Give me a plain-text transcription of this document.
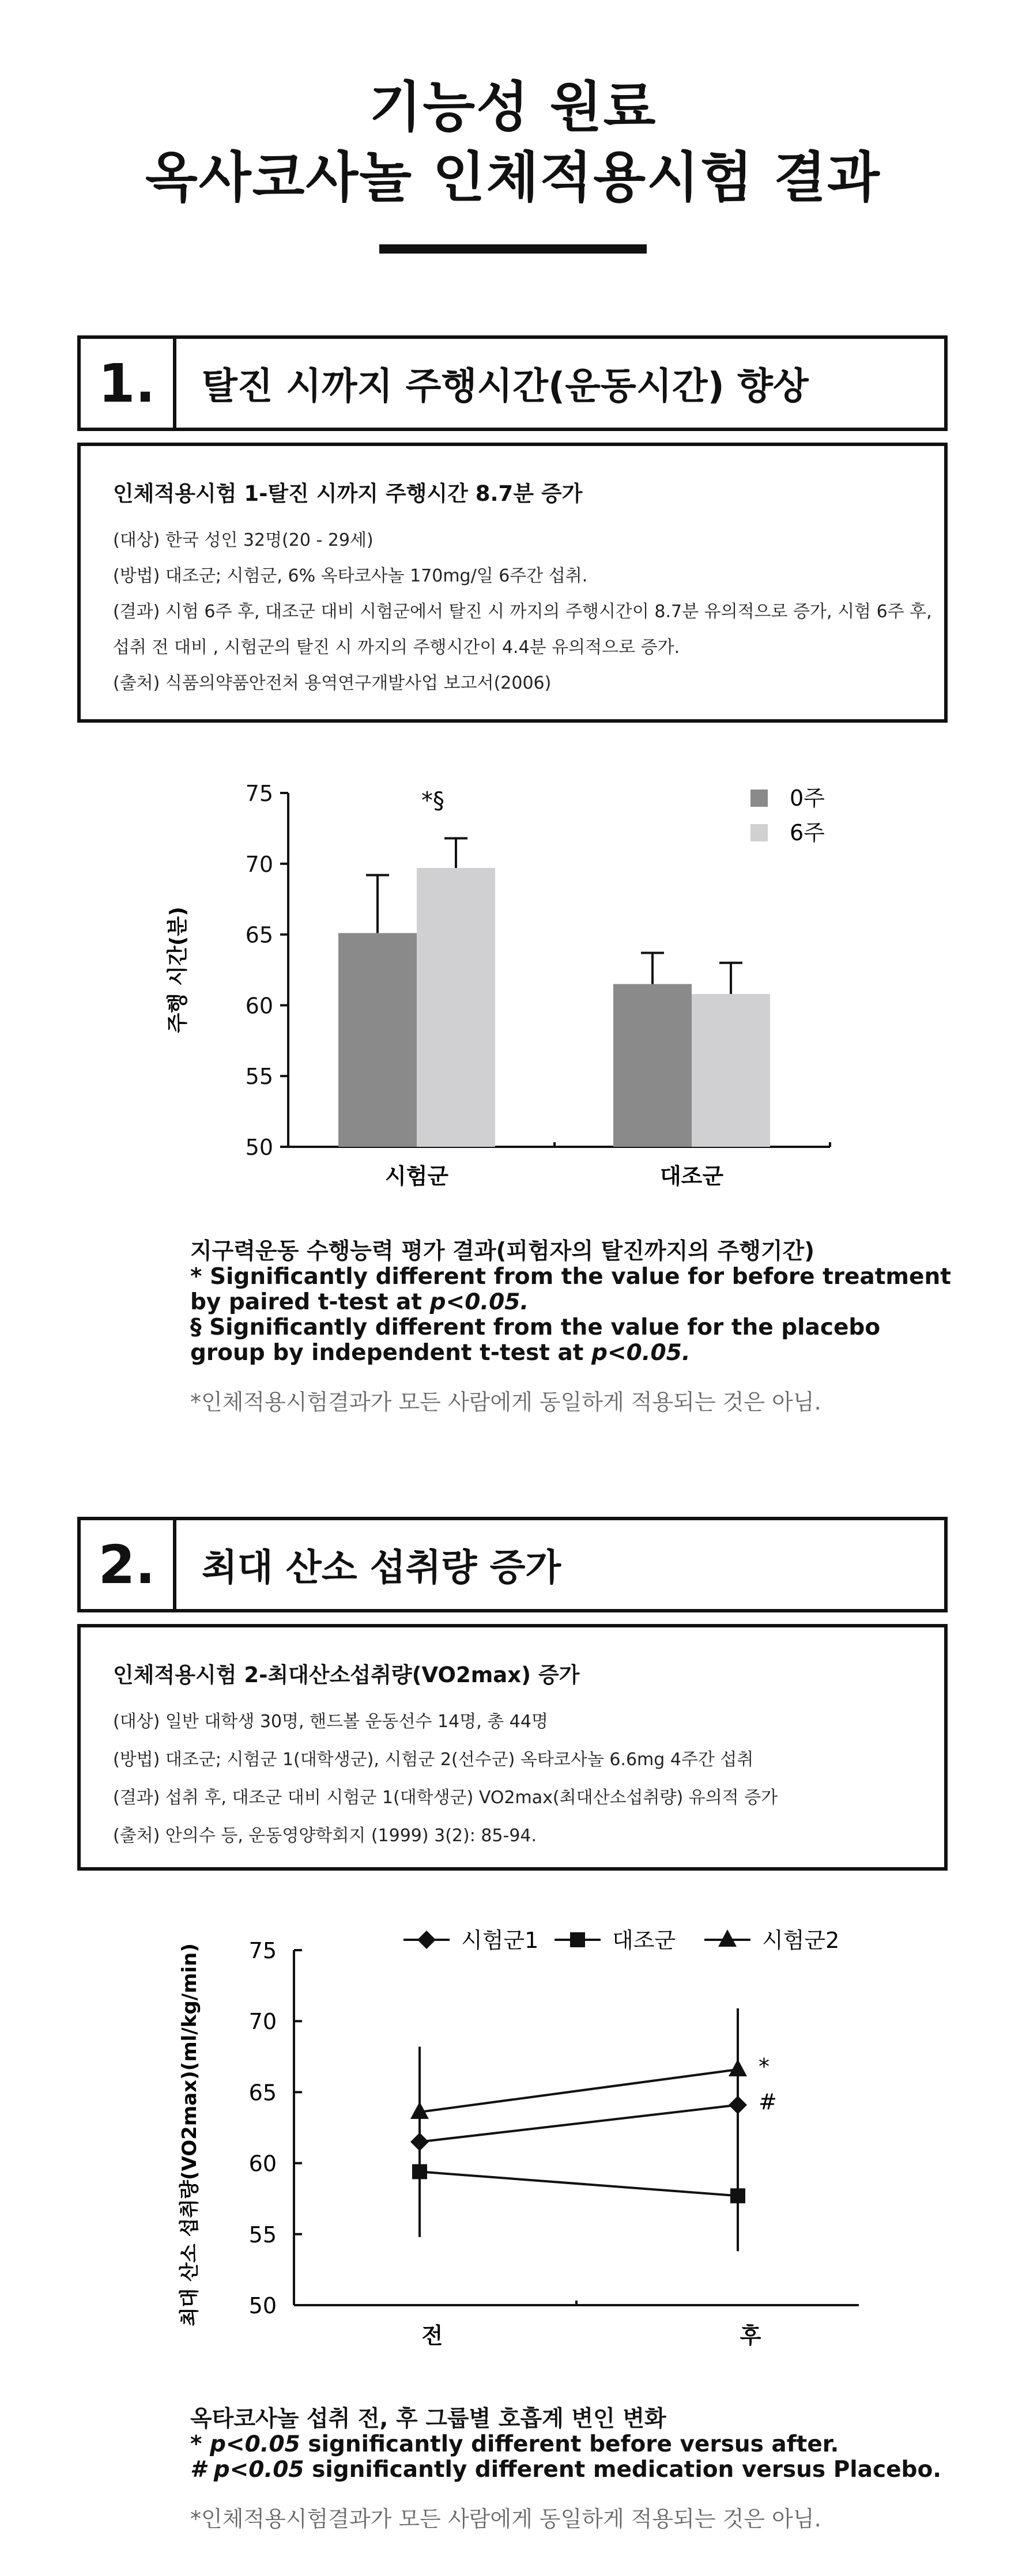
기능성 원료
옥사코사놀 인체적용시험 결과
1.	탈진 시까지 주행시간(운동시간) 향상
인체적용시험 1-탈진 시까지 주행시간 8.7분 증가
(대상) 한국 성인 32명(20 - 29세)
(방법) 대조군; 시험군, 6% 옥타코사놀 170mg/일 6주간 섭취.
(결과) 시험 6주 후, 대조군 대비 시험군에서 탈진 시 까지의 주행시간이 8.7분 유의적으로 증가, 시험 6주 후,
섭취 전 대비 , 시험군의 탈진 시 까지의 주행시간이 4.4분 유의적으로 증가.
(출처) 식품의약품안전처 용역연구개발사업 보고서(2006)
50
55
60
65
70
75
주행 시간(분)
시험군	대조군
*§	0주
6주
지구력운동 수행능력 평가 결과(피험자의 탈진까지의 주행기간)
* Significantly different from the value for before treatment
by paired t-test at p<0.05.
§ Significantly different from the value for the placebo
group by independent t-test at p<0.05.
*인체적용시험결과가 모든 사람에게 동일하게 적용되는 것은 아님.
2.	최대 산소 섭취량 증가
인체적용시험 2-최대산소섭취량(VO2max) 증가
(대상) 일반 대학생 30명, 핸드볼 운동선수 14명, 총 44명
(방법) 대조군; 시험군 1(대학생군), 시험군 2(선수군) 옥타코사놀 6.6mg 4주간 섭취
(결과) 섭취 후, 대조군 대비 시험군 1(대학생군) VO2max(최대산소섭취량) 유의적 증가
(출처) 안의수 등, 운동영양학회지 (1999) 3(2): 85-94.
50
55
60
65
70
75
최대 산소 섭취량(VO2max)(ml/kg/min)
전	후
#
*
시험군1	대조군	시험군2
옥타코사놀 섭취 전, 후 그룹별 호흡계 변인 변화
* p<0.05 significantly different before versus after.
# p<0.05 significantly different medication versus Placebo.
*인체적용시험결과가 모든 사람에게 동일하게 적용되는 것은 아님.
